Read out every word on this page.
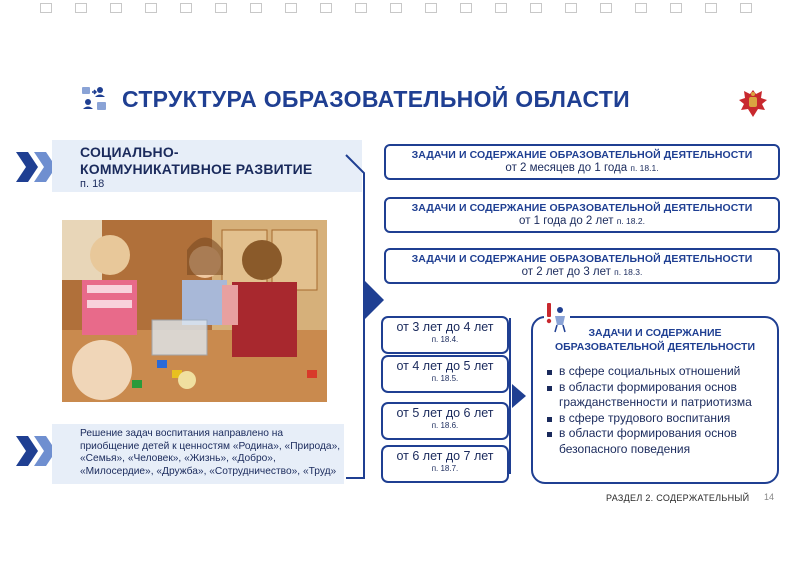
СТРУКТУРА ОБРАЗОВАТЕЛЬНОЙ ОБЛАСТИ
СОЦИАЛЬНО-
КОММУНИКАТИВНОЕ РАЗВИТИЕ
п. 18
Решение задач воспитания направлено на приобщение детей к ценностям «Родина», «Природа», «Семья», «Человек», «Жизнь», «Добро», «Милосердие», «Дружба», «Сотрудничество», «Труд»
ЗАДАЧИ И СОДЕРЖАНИЕ ОБРАЗОВАТЕЛЬНОЙ ДЕЯТЕЛЬНОСТИ
от 2 месяцев до 1 года п. 18.1.
ЗАДАЧИ И СОДЕРЖАНИЕ ОБРАЗОВАТЕЛЬНОЙ ДЕЯТЕЛЬНОСТИ
от 1 года до 2 лет п. 18.2.
ЗАДАЧИ И СОДЕРЖАНИЕ ОБРАЗОВАТЕЛЬНОЙ ДЕЯТЕЛЬНОСТИ
от 2 лет до 3 лет п. 18.3.
от 3 лет до 4 лет
п. 18.4.
от 4 лет до 5 лет
п. 18.5.
от 5 лет до 6 лет
п. 18.6.
от 6 лет до 7 лет
п. 18.7.
ЗАДАЧИ И СОДЕРЖАНИЕ
ОБРАЗОВАТЕЛЬНОЙ ДЕЯТЕЛЬНОСТИ
в сфере социальных отношений
в области формирования основ гражданственности и патриотизма
в сфере трудового воспитания
в области формирования основ безопасного поведения
РАЗДЕЛ 2. СОДЕРЖАТЕЛЬНЫЙ 14
